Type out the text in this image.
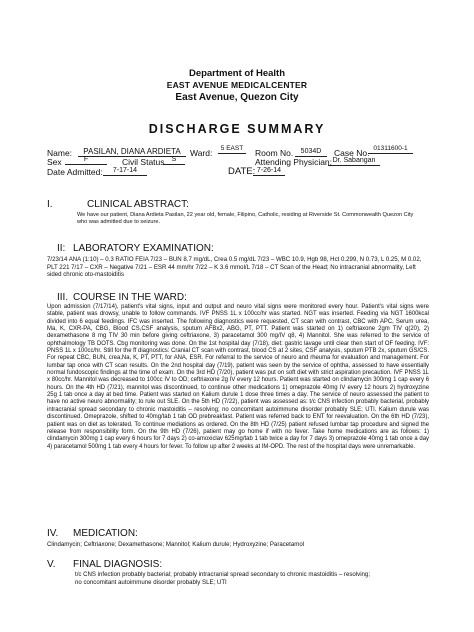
Department of Health
EAST AVENUE MEDICALCENTER
East Avenue, Quezon City
DISCHARGE SUMMARY
Name:	PASILAN, DIANA ARDIETA	Ward:	5 EAST	Room No.	5034D	Case No. 01311600-1
Sex	F	Civil Status	S	Attending Physician: Dr. Sabangan
Date Admitted:	7-17-14	DATE: 7-26-14
I.	CLINICAL ABSTRACT:
We have our patient, Diana Ardieta Pasilan, 22 year old, female, Filipino, Catholic, residing at Riverside St. Commonwealth Quezon City who was admitted due to seizure.
II: LABORATORY EXAMINATION:
7/23/14 ANA (1:10) – 0.3 RATIO FEIA 7/23 – BUN 8.7 mg/dL, Crea 0.5 mg/dL 7/23 – WBC 10.9, Hgb 98, Hct 0.299, N 0.73, L 0.25, M 0.02, PLT 221 7/17 – CXR – Negative 7/21 – ESR 44 mm/hr 7/22 – K 3.6 mmol/L 7/18 – CT Scan of the Head; No intracranial abnormality, Left sided chronic oto-mastoiditis
III. COURSE IN THE WARD:
Upon admission (7/17/14), patient's vital signs, input and output and neuro vital signs were monitored every hour. Patient's vital signs were stable, patient was drowsy, unable to follow commands. IVF PNSS 1L x 100cc/hr was started. NGT was inserted. Feeding via NGT 1600kcal divided into 6 equal feedings. IFC was inserted. The following diagnostics were requested, CT scan with contrast, CBC with APC, Serum urea, Ma, K, CXR-PA, CBG, Blood CS,CSF analysis, sputum AFBx2, ABG, PT, PTT. Patient was started on 1) ceftriaxone 2gm TIV q(20), 2) dexamethasone 8 mg TIV 30 min before giving ceftriaxone, 3) paracetamol 300 mg/IV q8, 4) Mannitol. She was referred to the service of ophthalmology TB DOTS. Cbg monitoring was done. On the 1st hospital day (7/18), diet: gastric lavage until clear then start of OF feeding. IVF: PNSS 1L x 100cc/hr. Still for the ff diagnostics: Cranial CT scan with contrast, blood CS at 2 sites, CSF analysis, sputum PTB 2x, sputum GS/CS. For repeat CBC, BUN, crea,Na, K, PT, PTT, for ANA, ESR. For referral to the service of neuro and rheuma for evaluation and management. For lumbar tap once with CT scan results. On the 2nd hospital day (7/19), patient was seen by the service of ophtha, assessed to have essentially normal fundoscopic findings at the time of exam. On the 3rd HD (7/20), patient was put on soft diet with strict aspiration precaution. IVF PNSS 1L x 80cc/hr. Mannitol was decreased to 100cc IV to OD; ceftriaxone 2g IV every 12 hours. Patient was started on clindamycin 300mg 1 cap every 6 hours. On the 4th HD (7/21), mannitol was discontinued, to continue other medications 1) omeprazole 40mg IV every 12 hours 2) hydroxyzine 25g 1 tab once a day at bed time. Patient was started on Kalium durule 1 dose three times a day. The service of neuro assessed the patient to have no active neuro abnormality; to rule out SLE. On the 5th HD (7/22), patient was assessed as: t/c CNS infection probably bacterial, probably intracranial spread secondary to chronic mastoiditis – resolving; no concomitant autoimmune disorder probably SLE; UTI. Kalium durule was discontinued. Omeprazole, shifted to 40mg/tab 1 tab OD prebreakfast. Patient was referred back to ENT for reevaluation. On the 6th HD (7/23), patient was on diet as tolerated. To continue mediations as ordered. On the 8th HD (7/25) patient refused lumbar tap procedure and signed the release from responsibility form. On the 9th HD (7/26), patient may go home if with no fever. Take home medications are as follows: 1) clindamycin 300mg 1 cap every 6 hours for 7 days 2) co-amoxiclav 625mg/tab 1 tab twice a day for 7 days 3) omeprazole 40mg 1 tab once a day 4) paracetamol 500mg 1 tab every 4 hours for fever. To follow up after 2 weeks at IM-OPD. The rest of the hospital days were unremarkable.
IV. MEDICATION:
Clindamycin; Ceftriaxone; Dexamethasone; Mannitol; Kalium durule; Hydroxyzine; Paracetamol
V. FINAL DIAGNOSIS:
t/c CNS infection probably bacterial; probably intracranial spread secondary to chronic mastoiditis – resolving; no concomitant autoimmune disorder probably SLE; UTI
